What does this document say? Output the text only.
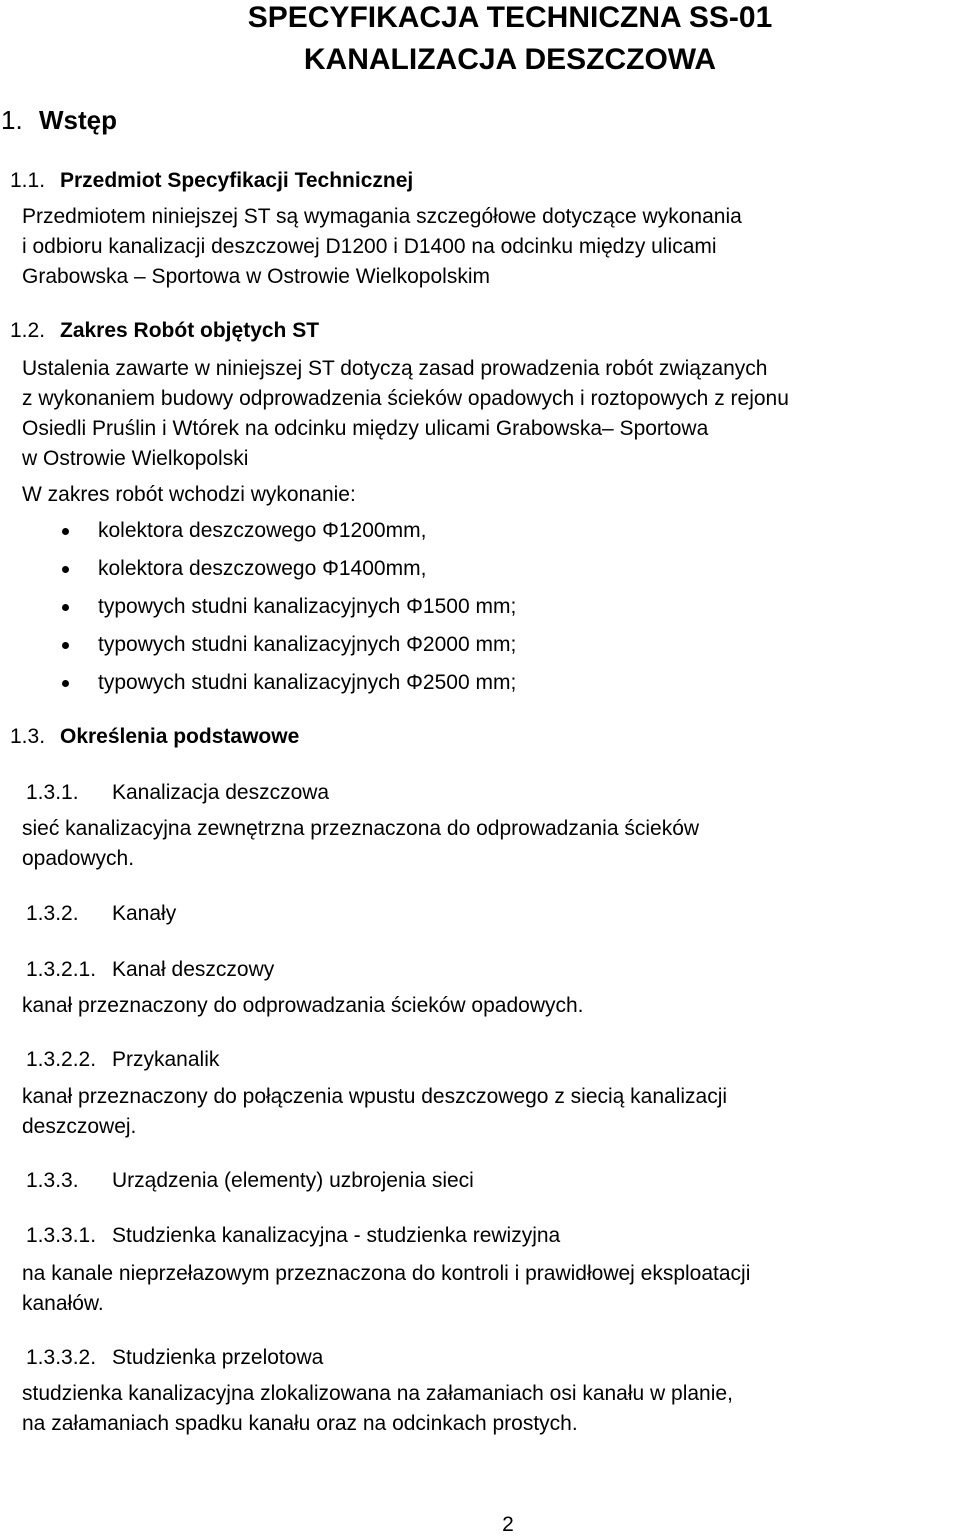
SPECYFIKACJA TECHNICZNA SS-01
KANALIZACJA DESZCZOWA
1. Wstęp
1.1. Przedmiot Specyfikacji Technicznej
Przedmiotem niniejszej ST są wymagania szczegółowe dotyczące wykonania
i odbioru kanalizacji deszczowej D1200 i D1400 na odcinku między ulicami
Grabowska – Sportowa w Ostrowie Wielkopolskim
1.2. Zakres Robót objętych ST
Ustalenia zawarte w niniejszej ST dotyczą zasad prowadzenia robót związanych
z wykonaniem budowy odprowadzenia ścieków opadowych i roztopowych z rejonu
Osiedli Pruślin i Wtórek na odcinku między ulicami Grabowska– Sportowa
w Ostrowie Wielkopolski
W zakres robót wchodzi wykonanie:
kolektora deszczowego Φ1200mm,
kolektora deszczowego Φ1400mm,
typowych studni kanalizacyjnych Φ1500 mm;
typowych studni kanalizacyjnych Φ2000 mm;
typowych studni kanalizacyjnych Φ2500 mm;
1.3. Określenia podstawowe
1.3.1. Kanalizacja deszczowa
sieć kanalizacyjna zewnętrzna przeznaczona do odprowadzania ścieków
opadowych.
1.3.2. Kanały
1.3.2.1. Kanał deszczowy
kanał przeznaczony do odprowadzania ścieków opadowych.
1.3.2.2. Przykanalik
kanał przeznaczony do połączenia wpustu deszczowego z siecią kanalizacji
deszczowej.
1.3.3. Urządzenia (elementy) uzbrojenia sieci
1.3.3.1. Studzienka kanalizacyjna - studzienka rewizyjna
na kanale nieprzełazowym przeznaczona do kontroli i prawidłowej eksploatacji
kanałów.
1.3.3.2. Studzienka przelotowa
studzienka kanalizacyjna zlokalizowana na załamaniach osi kanału w planie,
na załamaniach spadku kanału oraz na odcinkach prostych.
2
